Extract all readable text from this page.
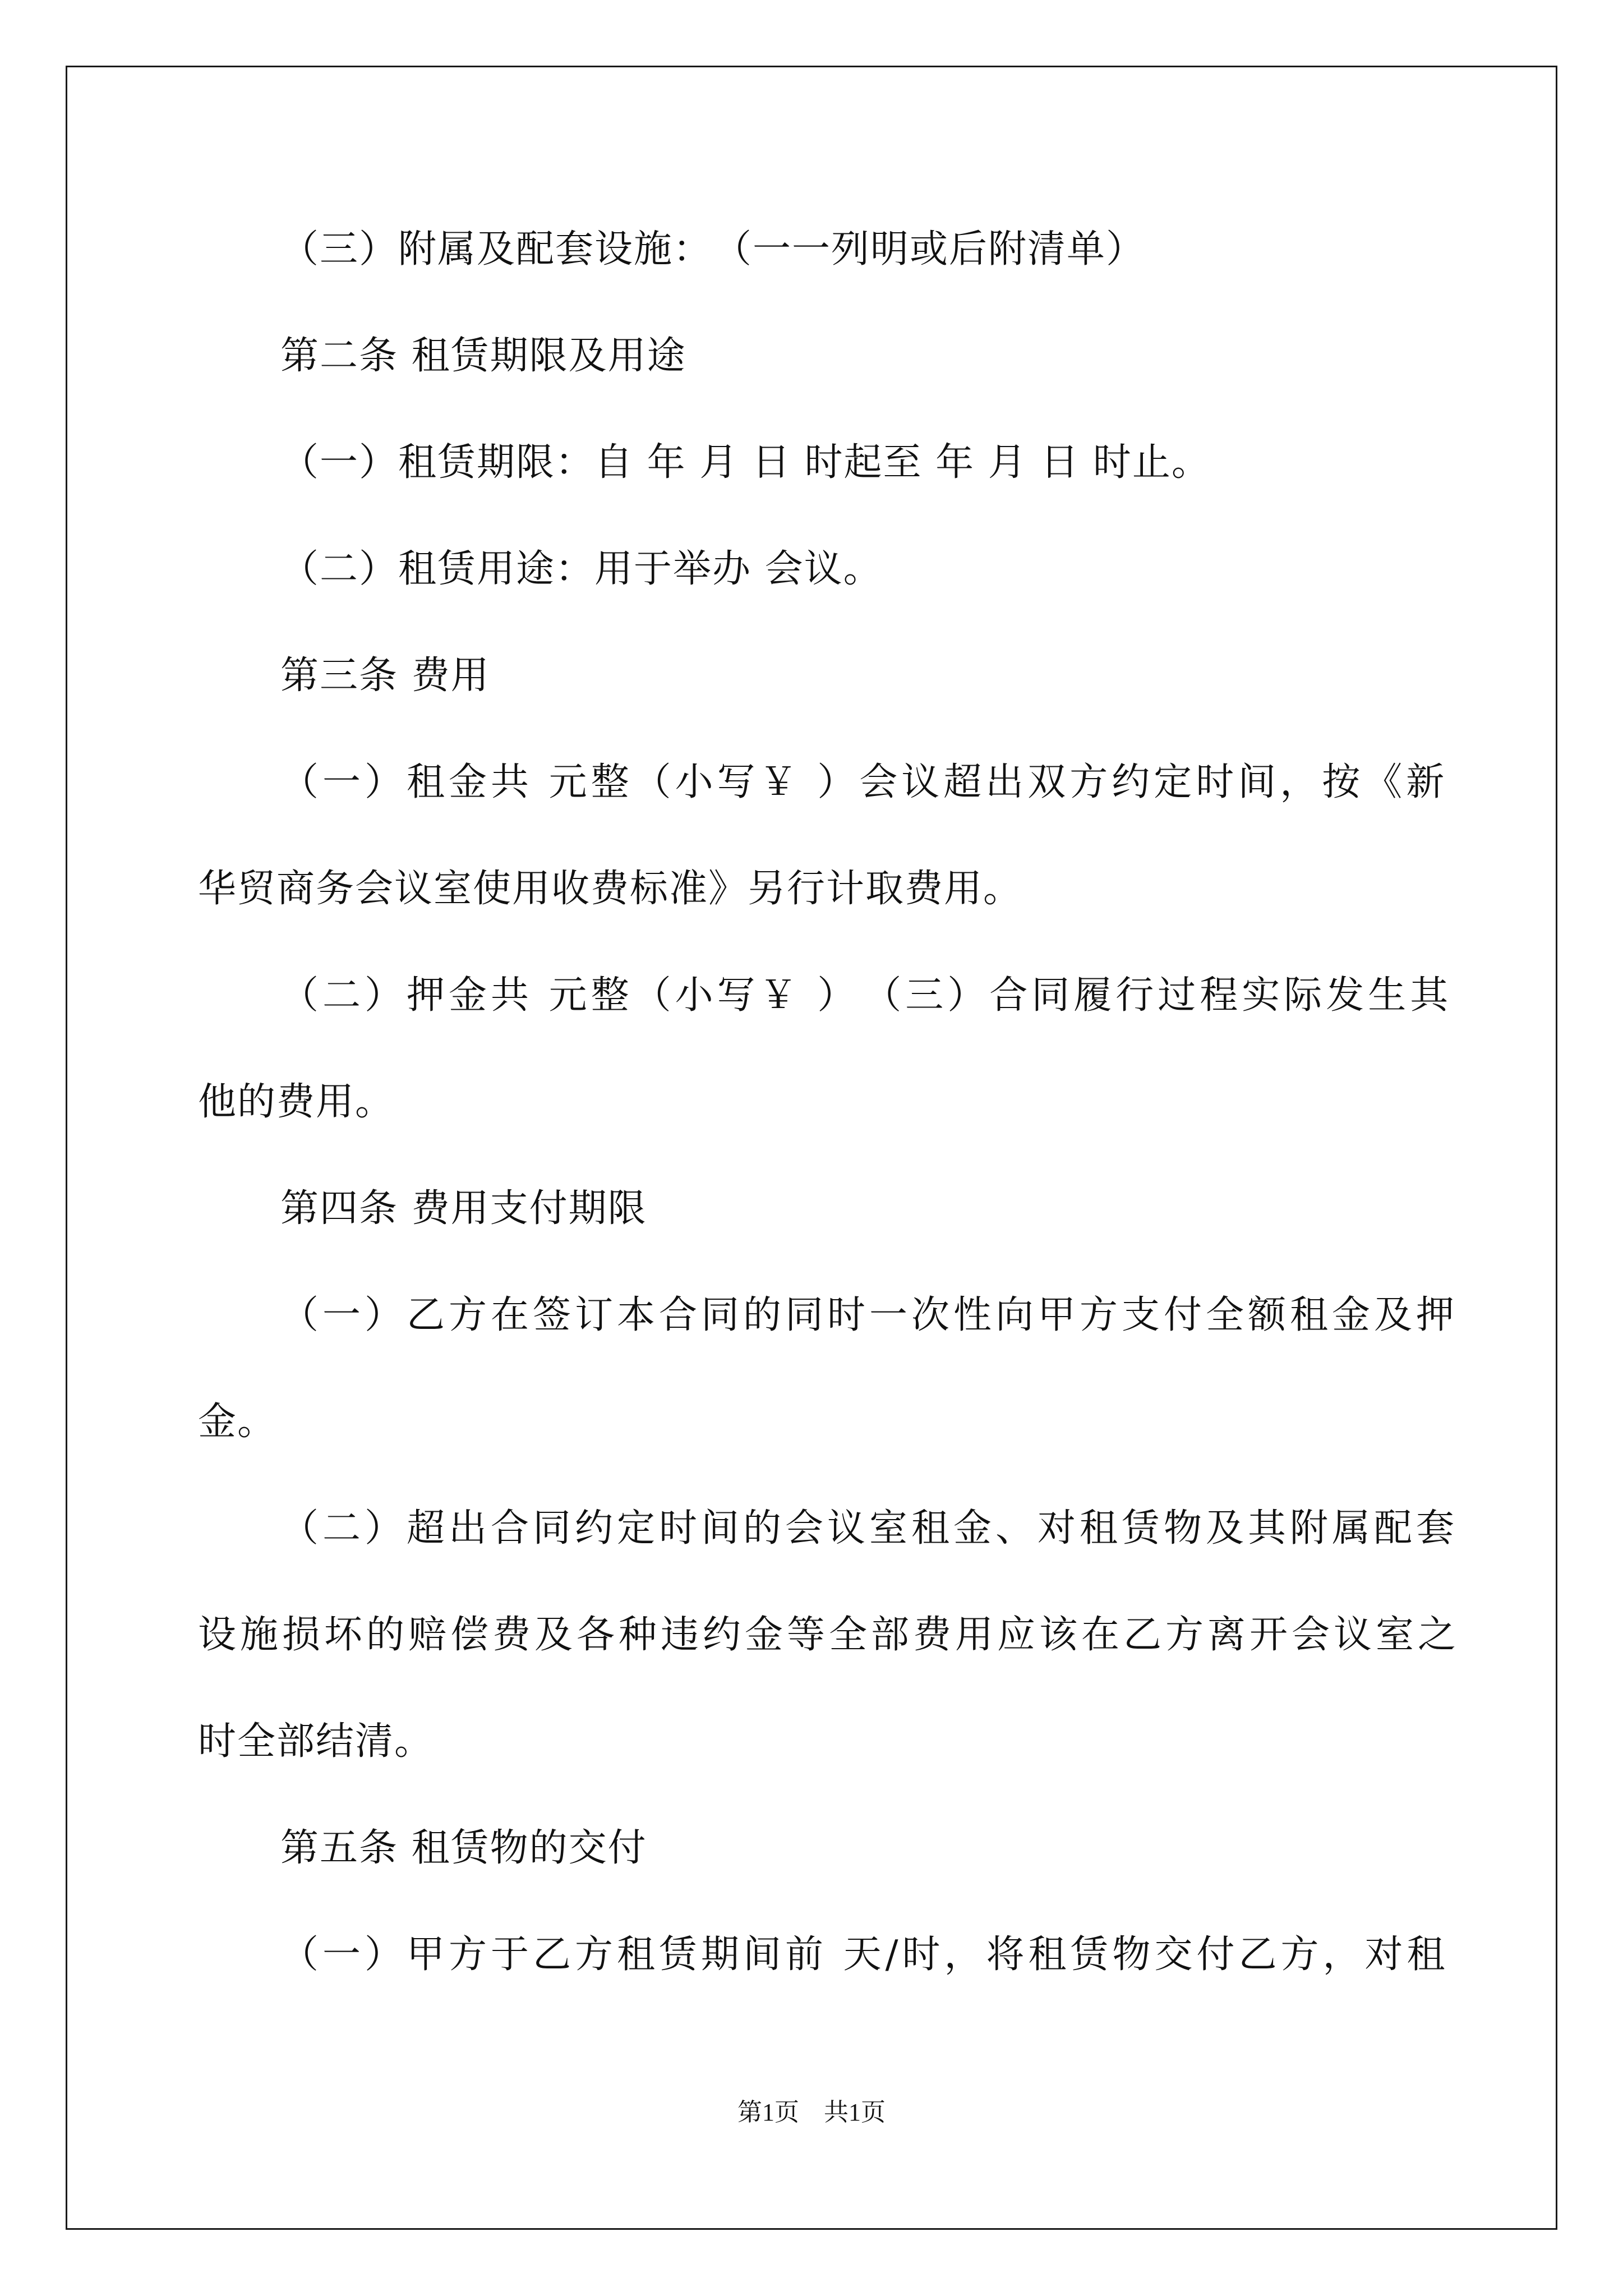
（三）附属及配套设施：　（一一列明或后附清单）
第二条 租赁期限及用途
（一）租赁期限：自 年 月 日 时起至 年 月 日 时止。
（二）租赁用途：用于举办 会议。
第三条 费用
（一）租金共 元整（小写￥ ）会议超出双方约定时间，按《新
华贸商务会议室使用收费标准》另行计取费用。
（二）押金共 元整（小写￥ ）　（三）合同履行过程实际发生其
他的费用。
第四条 费用支付期限
（一）乙方在签订本合同的同时一次性向甲方支付全额租金及押
金。
（二）超出合同约定时间的会议室租金、对租赁物及其附属配套
设施损坏的赔偿费及各种违约金等全部费用应该在乙方离开会议室之
时全部结清。
第五条 租赁物的交付
（一）甲方于乙方租赁期间前 天/时，将租赁物交付乙方，对租
第1页　共1页
